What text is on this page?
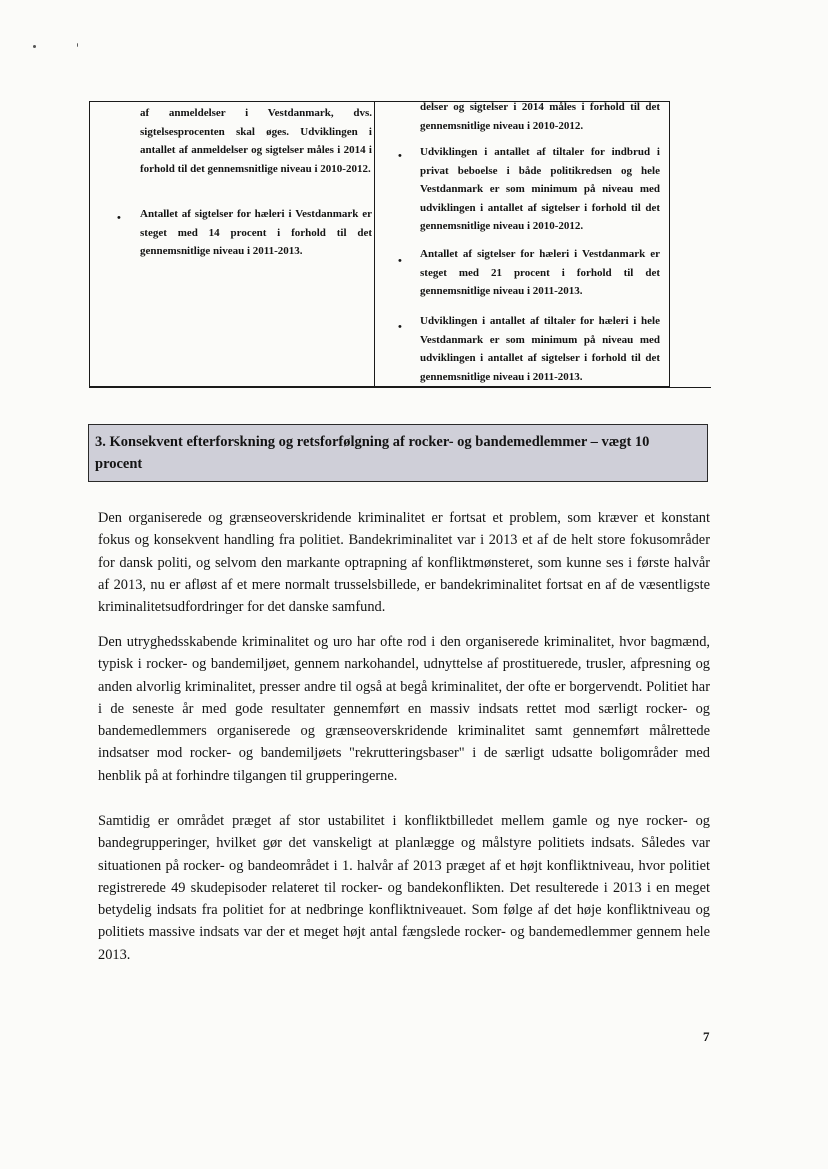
af anmeldelser i Vestdanmark, dvs. sigtelsesprocenten skal øges. Udviklingen i antallet af anmeldelser og sigtelser måles i 2014 i forhold til det gennemsnitlige niveau i 2010-2012.

• Antallet af sigtelser for hæleri i Vestdanmark er steget med 14 procent i forhold til det gennemsnitlige niveau i 2011-2013.

delser og sigtelser i 2014 måles i forhold til det gennemsnitlige niveau i 2010-2012.

• Udviklingen i antallet af tiltaler for indbrud i privat beboelse i både politikredsen og hele Vestdanmark er som minimum på niveau med udviklingen i antallet af sigtelser i forhold til det gennemsnitlige niveau i 2010-2012.

•

Antallet af sigtelser for hæleri i Vestdanmark er steget med 21 procent i forhold til det gennemsnitlige niveau i 2011-2013.

• Udviklingen i antallet af tiltaler for hæleri i hele Vestdanmark er som minimum på niveau med udviklingen i antallet af sigtelser i forhold til det gennemsnitlige niveau i 2011-2013.

3. Konsekvent efterforskning og retsforfølgning af rocker- og bandemedlemmer – vægt 10 procent

Den organiserede og grænseoverskridende kriminalitet er fortsat et problem, som kræver et konstant fokus og konsekvent handling fra politiet. Bandekriminalitet var i 2013 et af de helt store fokusområder for dansk politi, og selvom den markante optrapning af konfliktmønsteret, som kunne ses i første halvår af 2013, nu er afløst af et mere normalt trusselsbillede, er bandekriminalitet fortsat en af de væsentligste kriminalitetsudfordringer for det danske samfund.

Den utryghedsskabende kriminalitet og uro har ofte rod i den organiserede kriminalitet, hvor bagmænd, typisk i rocker- og bandemiljøet, gennem narkohandel, udnyttelse af prostituerede, trusler, afpresning og anden alvorlig kriminalitet, presser andre til også at begå kriminalitet, der ofte er borgervendt. Politiet har i de seneste år med gode resultater gennemført en massiv indsats rettet mod særligt rocker- og bandemedlemmers organiserede og grænseoverskridende kriminalitet samt gennemført målrettede indsatser mod rocker- og bandemiljøets "rekrutteringsbaser" i de særligt udsatte boligområder med henblik på at forhindre tilgangen til grupperingerne.

Samtidig er området præget af stor ustabilitet i konfliktbilledet mellem gamle og nye rocker- og bandegrupperinger, hvilket gør det vanskeligt at planlægge og målstyre politiets indsats. Således var situationen på rocker- og bandeområdet i 1. halvår af 2013 præget af et højt konfliktniveau, hvor politiet registrerede 49 skudepisoder relateret til rocker- og bandekonflikten. Det resulterede i 2013 i en meget betydelig indsats fra politiet for at nedbringe konfliktniveauet. Som følge af det høje konfliktniveau og politiets massive indsats var der et meget højt antal fængslede rocker- og bandemedlemmer gennem hele 2013.

7
